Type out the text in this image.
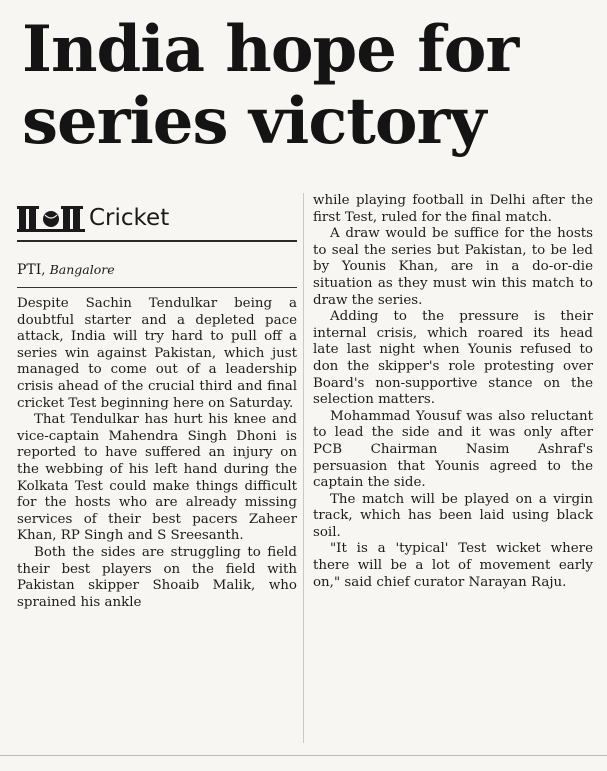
India hope for series victory
Cricket
PTI, Bangalore

Despite Sachin Tendulkar being a doubtful starter and a depleted pace attack, India will try hard to pull off a series win against Pakistan, which just managed to come out of a leadership crisis ahead of the crucial third and final cricket Test beginning here on Saturday.

That Tendulkar has hurt his knee and vice-captain Mahendra Singh Dhoni is reported to have suffered an injury on the webbing of his left hand during the Kolkata Test could make things difficult for the hosts who are already missing services of their best pacers Zaheer Khan, RP Singh and S Sreesanth.

Both the sides are struggling to field their best players on the field with Pakistan skipper Shoaib Malik, who sprained his ankle

while playing football in Delhi after the first Test, ruled for the final match.

A draw would be suffice for the hosts to seal the series but Pakistan, to be led by Younis Khan, are in a do-or-die situation as they must win this match to draw the series.

Adding to the pressure is their internal crisis, which roared its head late last night when Younis refused to don the skipper's role protesting over Board's non-supportive stance on the selection matters.

Mohammad Yousuf was also reluctant to lead the side and it was only after PCB Chairman Nasim Ashraf's persuasion that Younis agreed to the captain the side.

The match will be played on a virgin track, which has been laid using black soil.

"It is a 'typical' Test wicket where there will be a lot of movement early on," said chief curator Narayan Raju.
